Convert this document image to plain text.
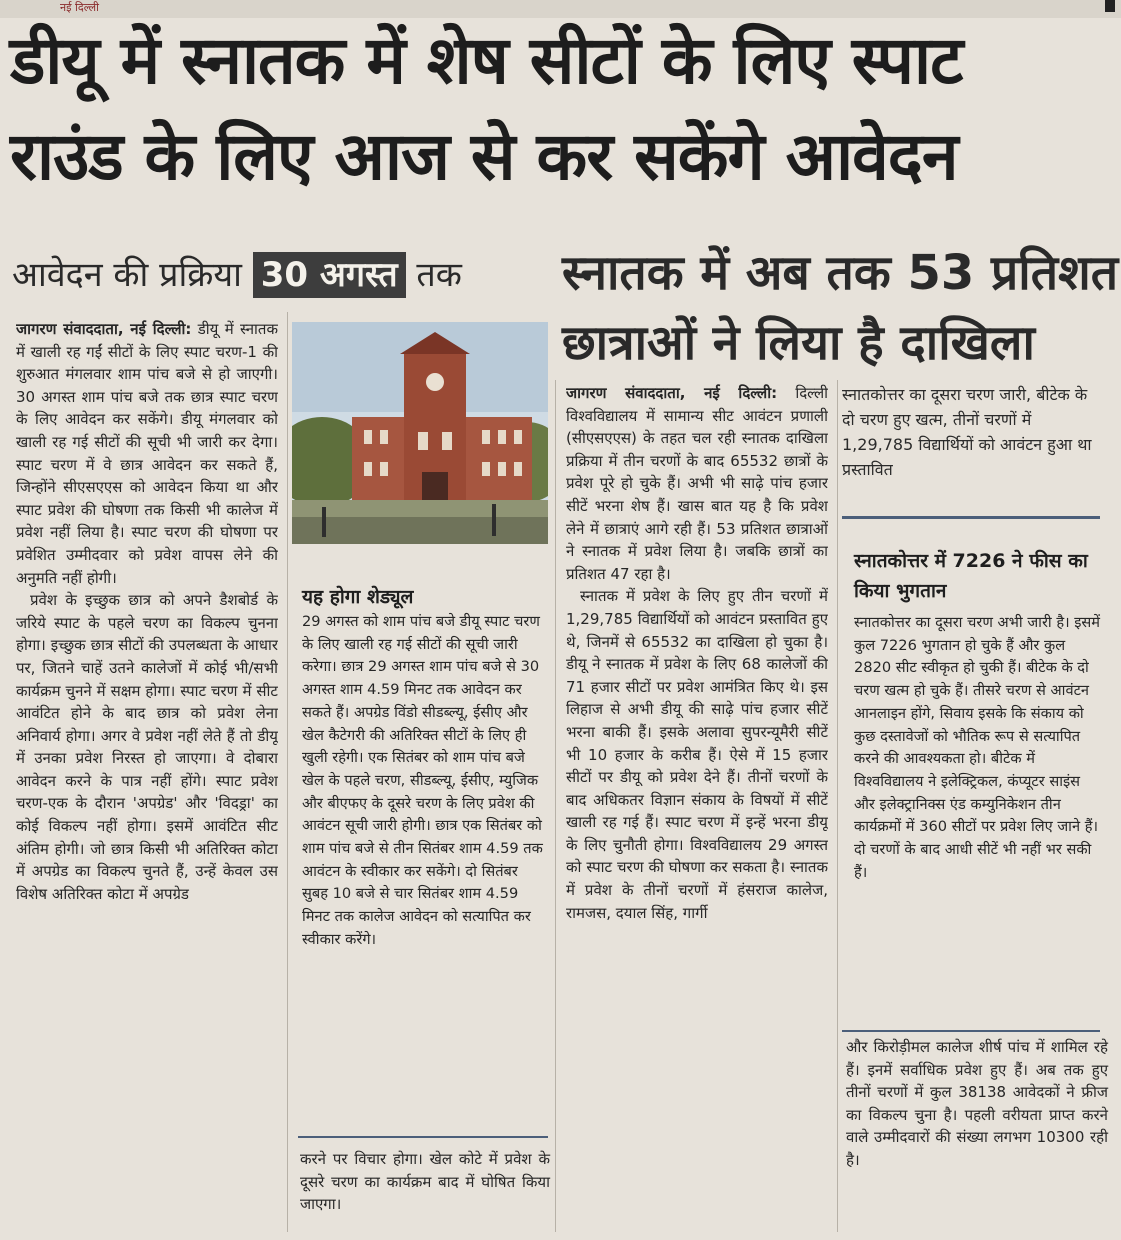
नई दिल्ली
डीयू में स्नातक में शेष सीटों के लिए स्पाट
राउंड के लिए आज से कर सकेंगे आवेदन
आवेदन की प्रक्रिया 30 अगस्त तक	स्नातक में अब तक 53 प्रतिशत
छात्राओं ने लिया है दाखिला

जागरण संवाददाता, नई दिल्ली: डीयू में स्नातक में खाली रह गईं सीटों के लिए स्पाट चरण-1 की शुरुआत मंगलवार शाम पांच बजे से हो जाएगी। 30 अगस्त शाम पांच बजे तक छात्र स्पाट चरण के लिए आवेदन कर सकेंगे। डीयू मंगलवार को खाली रह गई सीटों की सूची भी जारी कर देगा। स्पाट चरण में वे छात्र आवेदन कर सकते हैं, जिन्होंने सीएसएएस को आवेदन किया था और स्पाट प्रवेश की घोषणा तक किसी भी कालेज में प्रवेश नहीं लिया है। स्पाट चरण की घोषणा पर प्रवेशित उम्मीदवार को प्रवेश वापस लेने की अनुमति नहीं होगी।

प्रवेश के इच्छुक छात्र को अपने डैशबोर्ड के जरिये स्पाट के पहले चरण का विकल्प चुनना होगा। इच्छुक छात्र सीटों की उपलब्धता के आधार पर, जितने चाहें उतने कालेजों में कोई भी/सभी कार्यक्रम चुनने में सक्षम होगा। स्पाट चरण में सीट आवंटित होने के बाद छात्र को प्रवेश लेना अनिवार्य होगा। अगर वे प्रवेश नहीं लेते हैं तो डीयू में उनका प्रवेश निरस्त हो जाएगा। वे दोबारा आवेदन करने के पात्र नहीं होंगे। स्पाट प्रवेश चरण-एक के दौरान 'अपग्रेड' और 'विदड्रा' का कोई विकल्प नहीं होगा। इसमें आवंटित सीट अंतिम होगी। जो छात्र किसी भी अतिरिक्त कोटा में अपग्रेड का विकल्प चुनते हैं, उन्हें केवल उस विशेष अतिरिक्त कोटा में अपग्रेड

यह होगा शेड्यूल
29 अगस्त को शाम पांच बजे डीयू स्पाट चरण के लिए खाली रह गई सीटों की सूची जारी करेगा। छात्र 29 अगस्त शाम पांच बजे से 30 अगस्त शाम 4.59 मिनट तक आवेदन कर सकते हैं। अपग्रेड विंडो सीडब्ल्यू, ईसीए और खेल कैटेगरी की अतिरिक्त सीटों के लिए ही खुली रहेगी। एक सितंबर को शाम पांच बजे खेल के पहले चरण, सीडब्ल्यू, ईसीए, म्युजिक और बीएफए के दूसरे चरण के लिए प्रवेश की आवंटन सूची जारी होगी। छात्र एक सितंबर को शाम पांच बजे से तीन सितंबर शाम 4.59 तक आवंटन के स्वीकार कर सकेंगे। दो सितंबर सुबह 10 बजे से चार सितंबर शाम 4.59 मिनट तक कालेज आवेदन को सत्यापित कर स्वीकार करेंगे।
करने पर विचार होगा। खेल कोटे में प्रवेश के दूसरे चरण का कार्यक्रम बाद में घोषित किया जाएगा।

जागरण संवाददाता, नई दिल्ली: दिल्ली विश्वविद्यालय में सामान्य सीट आवंटन प्रणाली (सीएसएएस) के तहत चल रही स्नातक दाखिला प्रक्रिया में तीन चरणों के बाद 65532 छात्रों के प्रवेश पूरे हो चुके हैं। अभी भी साढ़े पांच हजार सीटें भरना शेष हैं। खास बात यह है कि प्रवेश लेने में छात्राएं आगे रही हैं। 53 प्रतिशत छात्राओं ने स्नातक में प्रवेश लिया है। जबकि छात्रों का प्रतिशत 47 रहा है।

स्नातक में प्रवेश के लिए हुए तीन चरणों में 1,29,785 विद्यार्थियों को आवंटन प्रस्तावित हुए थे, जिनमें से 65532 का दाखिला हो चुका है। डीयू ने स्नातक में प्रवेश के लिए 68 कालेजों की 71 हजार सीटों पर प्रवेश आमंत्रित किए थे। इस लिहाज से अभी डीयू की साढ़े पांच हजार सीटें भरना बाकी हैं। इसके अलावा सुपरन्यूमैरी सीटें भी 10 हजार के करीब हैं। ऐसे में 15 हजार सीटों पर डीयू को प्रवेश देने हैं। तीनों चरणों के बाद अधिकतर विज्ञान संकाय के विषयों में सीटें खाली रह गई हैं। स्पाट चरण में इन्हें भरना डीयू के लिए चुनौती होगा। विश्वविद्यालय 29 अगस्त को स्पाट चरण की घोषणा कर सकता है। स्नातक में प्रवेश के तीनों चरणों में हंसराज कालेज, रामजस, दयाल सिंह, गार्गी

स्नातकोत्तर का दूसरा चरण जारी, बीटेक के दो चरण हुए खत्म, तीनों चरणों में 1,29,785 विद्यार्थियों को आवंटन हुआ था प्रस्तावित
स्नातकोत्तर में 7226 ने फीस का किया भुगतान
स्नातकोत्तर का दूसरा चरण अभी जारी है। इसमें कुल 7226 भुगतान हो चुके हैं और कुल 2820 सीट स्वीकृत हो चुकी हैं। बीटेक के दो चरण खत्म हो चुके हैं। तीसरे चरण से आवंटन आनलाइन होंगे, सिवाय इसके कि संकाय को कुछ दस्तावेजों को भौतिक रूप से सत्यापित करने की आवश्यकता हो। बीटेक में विश्वविद्यालय ने इलेक्ट्रिकल, कंप्यूटर साइंस और इलेक्ट्रानिक्स एंड कम्युनिकेशन तीन कार्यक्रमों में 360 सीटों पर प्रवेश लिए जाने हैं। दो चरणों के बाद आधी सीटें भी नहीं भर सकी हैं।
और किरोड़ीमल कालेज शीर्ष पांच में शामिल रहे हैं। इनमें सर्वाधिक प्रवेश हुए हैं। अब तक हुए तीनों चरणों में कुल 38138 आवेदकों ने फ्रीज का विकल्प चुना है। पहली वरीयता प्राप्त करने वाले उम्मीदवारों की संख्या लगभग 10300 रही है।
